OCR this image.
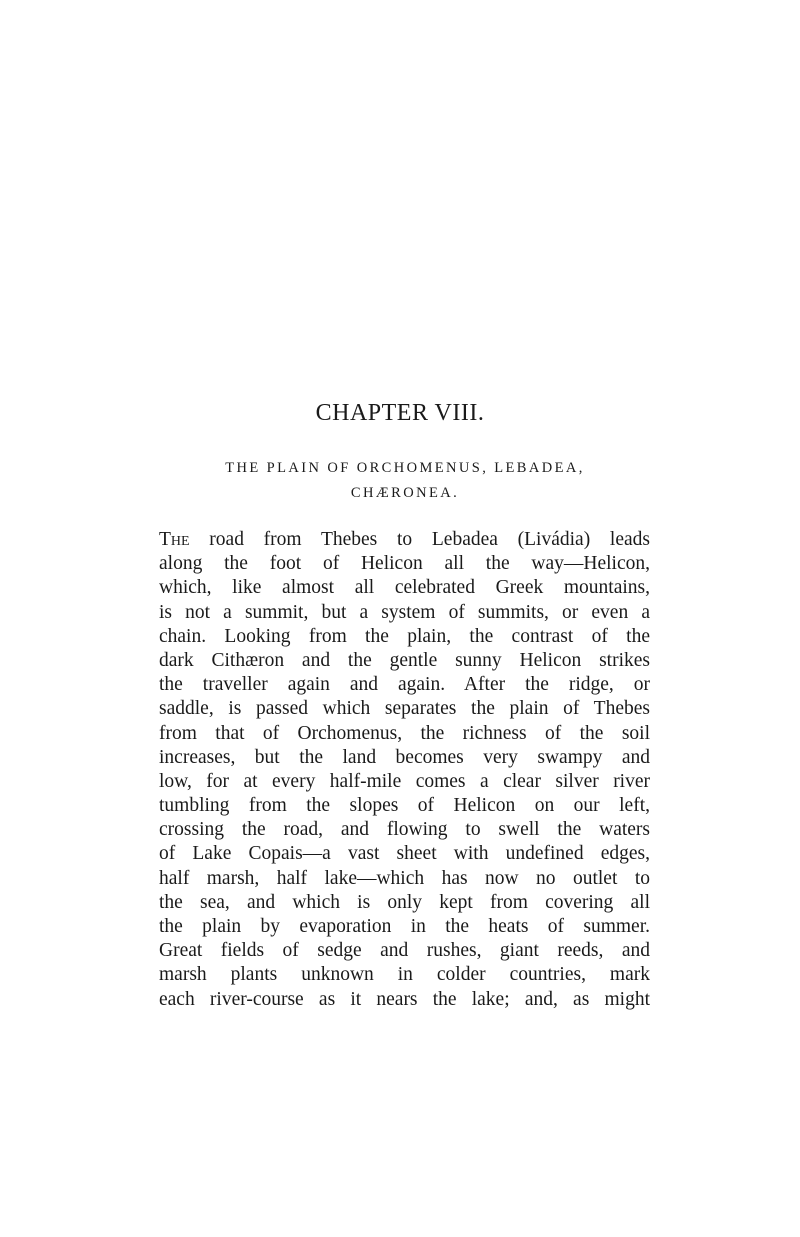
CHAPTER VIII.
THE PLAIN OF ORCHOMENUS, LEBADEA,
CHÆRONEA.
The road from Thebes to Lebadea (Livádia) leads
along the foot of Helicon all the way—Helicon,
which, like almost all celebrated Greek mountains,
is not a summit, but a system of summits, or even a
chain. Looking from the plain, the contrast of the
dark Cithæron and the gentle sunny Helicon strikes
the traveller again and again. After the ridge, or
saddle, is passed which separates the plain of Thebes
from that of Orchomenus, the richness of the soil
increases, but the land becomes very swampy and
low, for at every half-mile comes a clear silver river
tumbling from the slopes of Helicon on our left,
crossing the road, and flowing to swell the waters
of Lake Copais—a vast sheet with undefined edges,
half marsh, half lake—which has now no outlet to
the sea, and which is only kept from covering all
the plain by evaporation in the heats of summer.
Great fields of sedge and rushes, giant reeds, and
marsh plants unknown in colder countries, mark
each river-course as it nears the lake; and, as might
